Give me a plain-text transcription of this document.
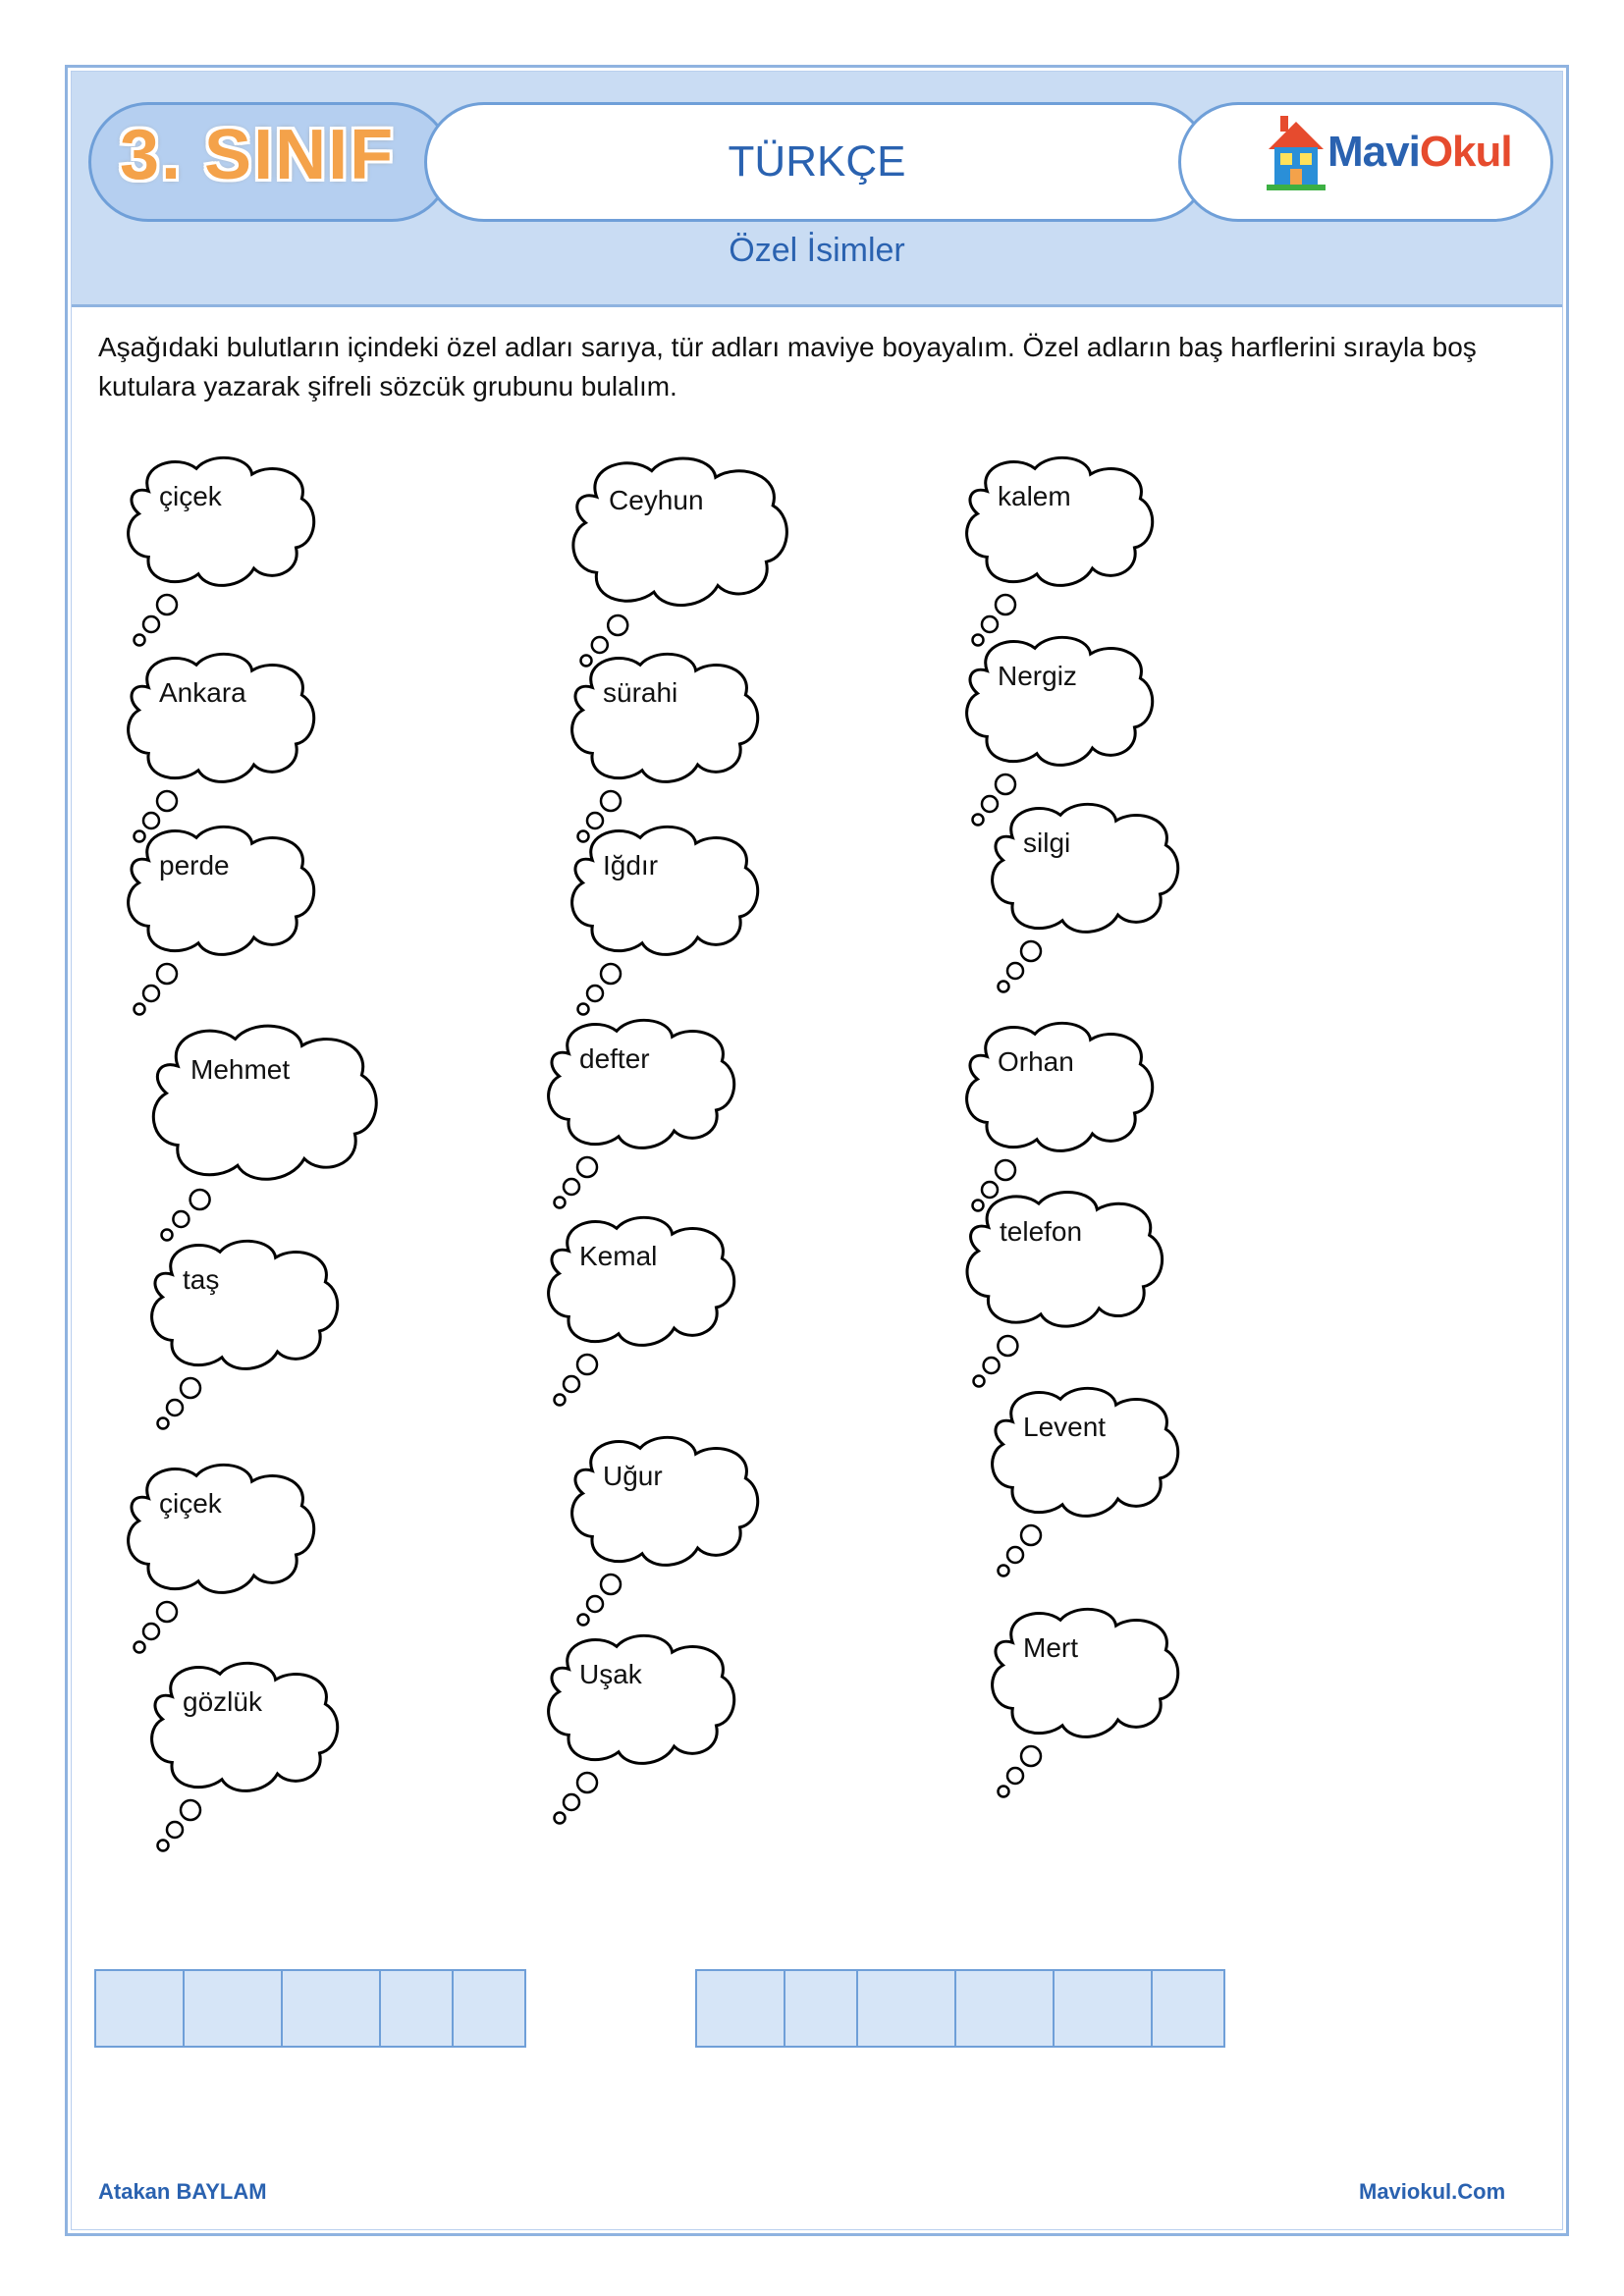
3. SINIF	TÜRKÇE	MaviOkul
Özel İsimler
Aşağıdaki bulutların içindeki özel adları sarıya, tür adları maviye boyayalım. Özel adların baş harflerini sırayla boş kutulara yazarak şifreli sözcük grubunu bulalım.
çiçek	Ceyhun	kalem
Ankara	sürahi
Nergiz
perde	Iğdır
silgi
Mehmet	defter	Orhan
taş
Kemal
telefon
çiçek
Uğur
Levent
gözlük
Uşak
Mert
Atakan BAYLAM	Maviokul.Com
